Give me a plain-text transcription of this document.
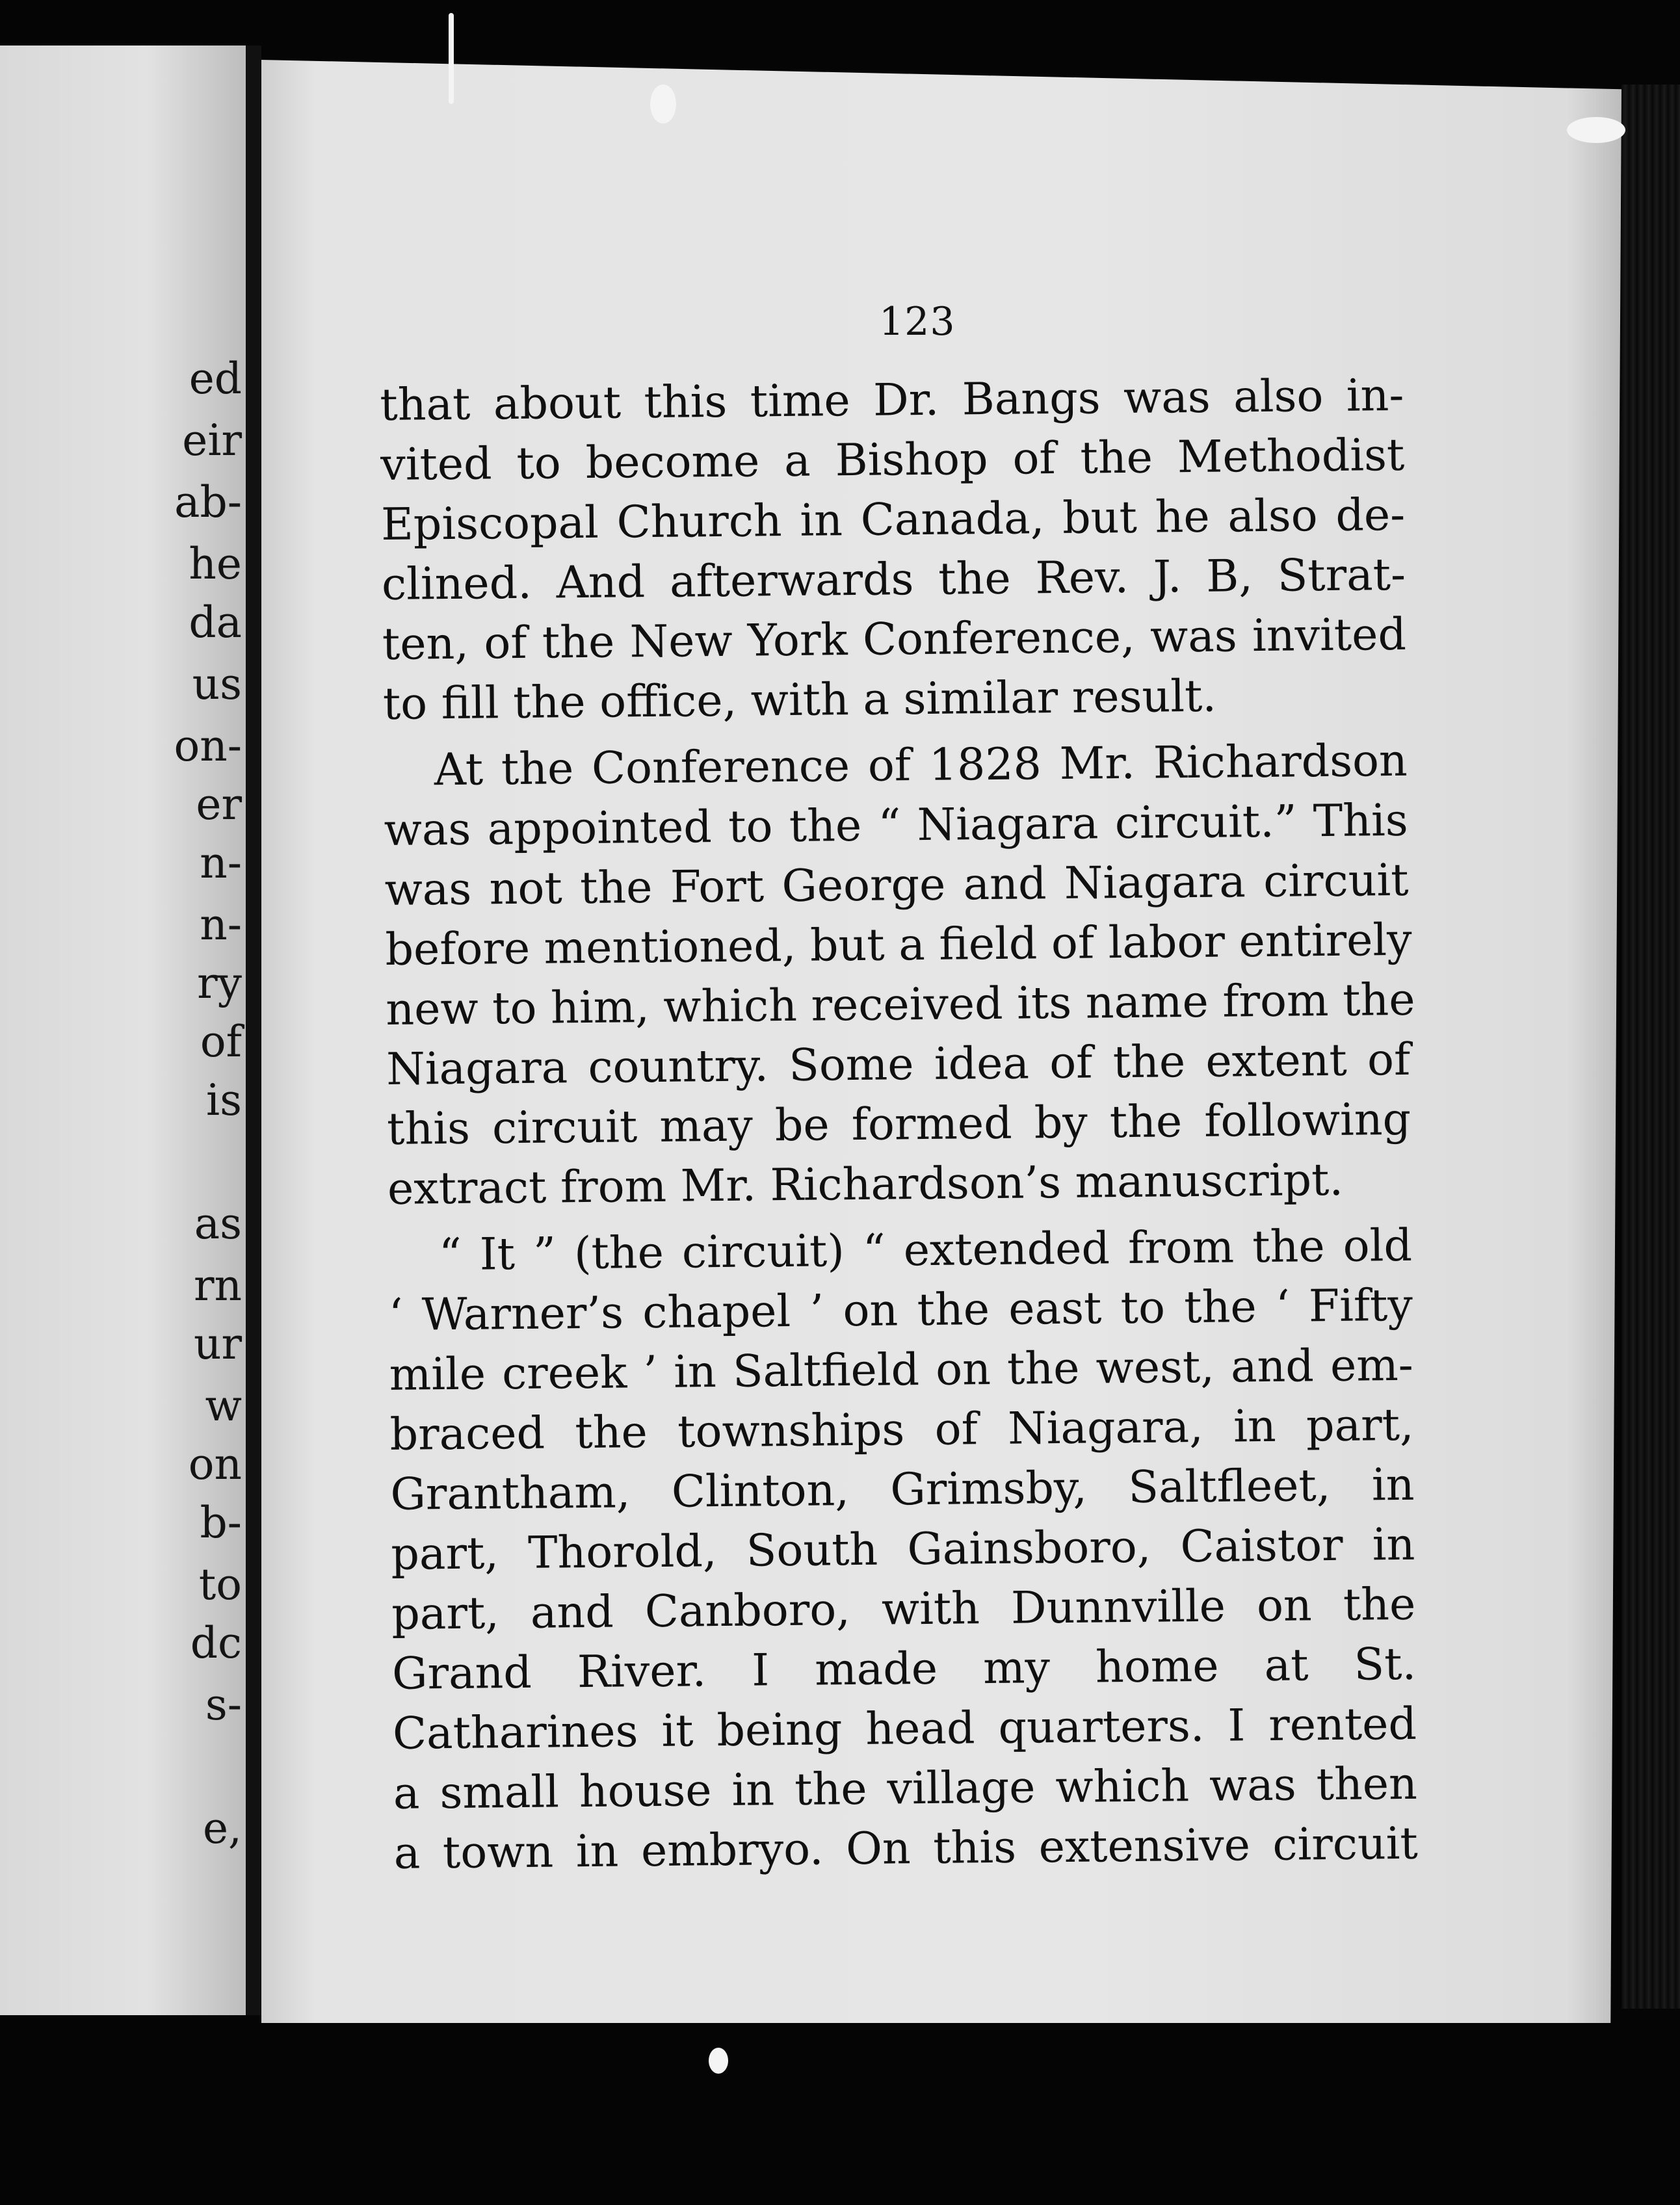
ed
eir
ab-
he
da
us
on-
er
n-
n-
ry
of
is
as
rn
ur
w
on
b-
to
dc
s-
e,
123
that about this time Dr. Bangs was also in-
vited to become a Bishop of the Methodist
Episcopal Church in Canada, but he also de-
clined. And afterwards the Rev. J. B, Strat-
ten, of the New York Conference, was invited
to fill the office, with a similar result.
At the Conference of 1828 Mr. Richardson
was appointed to the “ Niagara circuit.” This
was not the Fort George and Niagara circuit
before mentioned, but a field of labor entirely
new to him, which received its name from the
Niagara country. Some idea of the extent of
this circuit may be formed by the following
extract from Mr. Richardson’s manuscript.
“ It ” (the circuit) “ extended from the old
‘ Warner’s chapel ’ on the east to the ‘ Fifty
mile creek ’ in Saltfield on the west, and em-
braced the townships of Niagara, in part,
Grantham, Clinton, Grimsby, Saltfleet, in
part, Thorold, South Gainsboro, Caistor in
part, and Canboro, with Dunnville on the
Grand River. I made my home at St.
Catharines it being head quarters. I rented
a small house in the village which was then
a town in embryo. On this extensive circuit
